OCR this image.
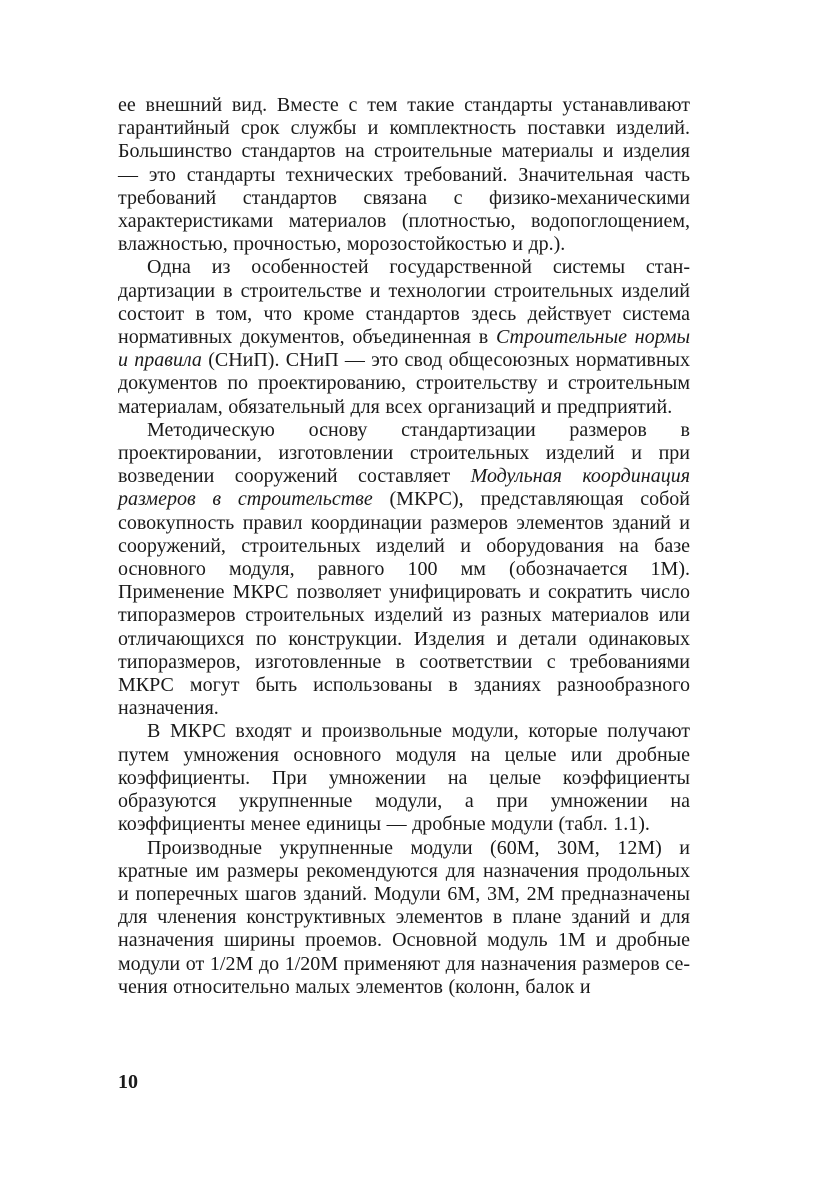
ее внешний вид. Вместе с тем такие стандарты устанавливают гарантийный срок службы и комплектность поставки изделий. Большинство стандартов на строительные материалы и изделия — это стандарты технических требований. Значительная часть требований стандартов связана с физико-механическими характеристиками материалов (плотностью, водопоглощением, влажностью, прочностью, морозостойкостью и др.).

Одна из особенностей государственной системы стандартизации в строительстве и технологии строительных изделий состоит в том, что кроме стандартов здесь действует система нормативных документов, объединенная в Строительные нормы и правила (СНиП). СНиП — это свод общесоюзных нормативных документов по проектированию, строительству и строительным материалам, обязательный для всех организаций и предприятий.

Методическую основу стандартизации размеров в проектировании, изготовлении строительных изделий и при возведении сооружений составляет Модульная координация размеров в строительстве (МКРС), представляющая собой совокупность правил координации размеров элементов зданий и сооружений, строительных изделий и оборудования на базе основного модуля, равного 100 мм (обозначается 1М). Применение МКРС позволяет унифицировать и сократить число типоразмеров строительных изделий из разных материалов или отличающихся по конструкции. Изделия и детали одинаковых типоразмеров, изготовленные в соответствии с требованиями МКРС могут быть использованы в зданиях разнообразного назначения.

В МКРС входят и произвольные модули, которые получают путем умножения основного модуля на целые или дробные коэффициенты. При умножении на целые коэффициенты образуются укрупненные модули, а при умножении на коэффициенты менее единицы — дробные модули (табл. 1.1).

Производные укрупненные модули (60М, 30М, 12М) и кратные им размеры рекомендуются для назначения продольных и поперечных шагов зданий. Модули 6М, 3М, 2М предназначены для членения конструктивных элементов в плане зданий и для назначения ширины проемов. Основной модуль 1М и дробные модули от 1/2М до 1/20М применяют для назначения размеров сечения относительно малых элементов (колонн, балок и

10
